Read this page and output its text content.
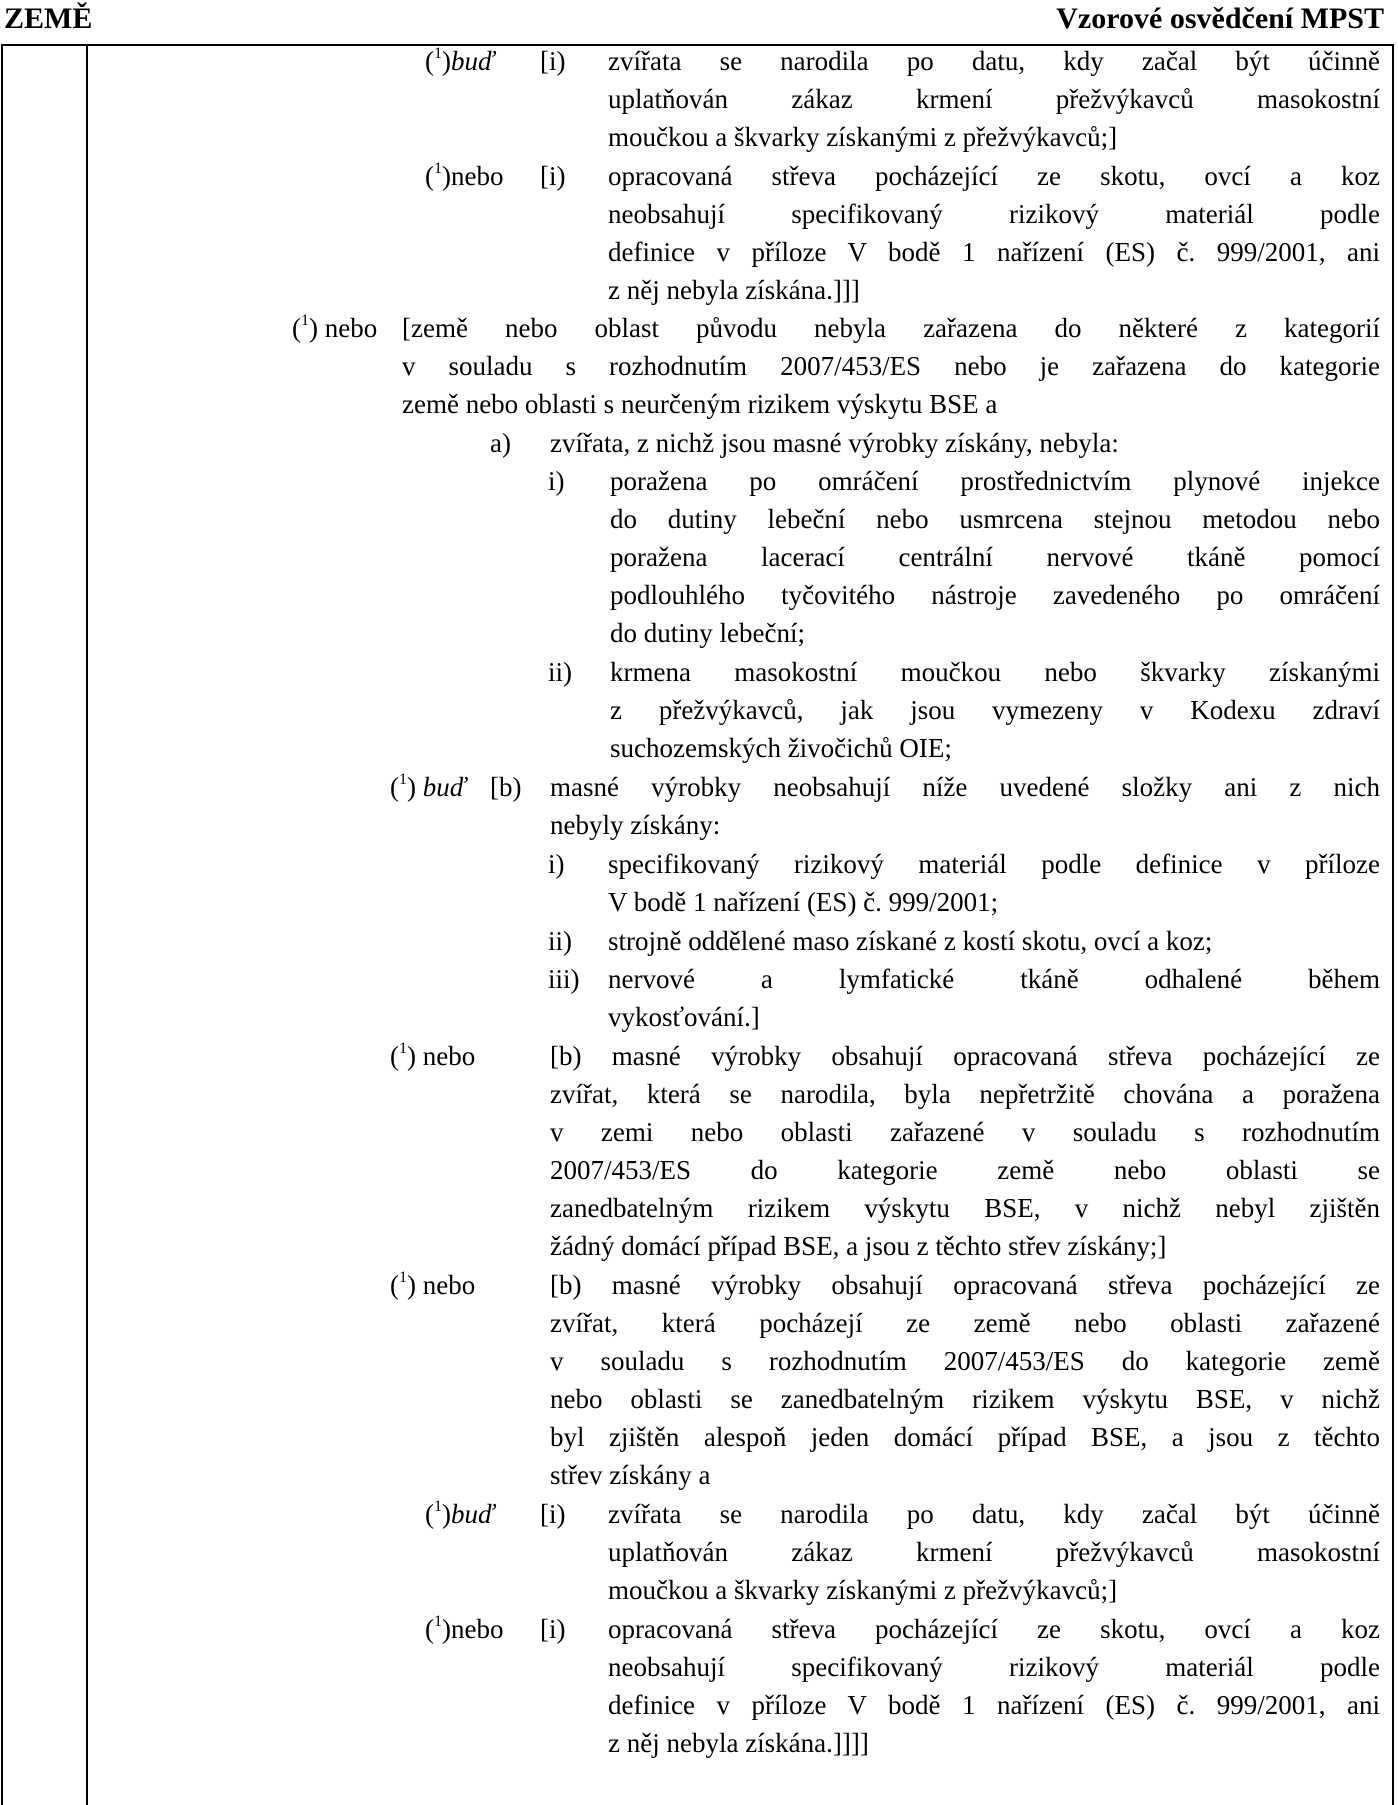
ZEMĚ	Vzorové osvědčení MPST
($^1$)buď [i) zvířata se narodila po datu, kdy začal být účinně
uplatňován zákaz krmení přežvýkavců masokostní
moučkou a škvarky získanými z přežvýkavců;]
($^1$)nebo [i) opracovaná střeva pocházející ze skotu, ovcí a koz
neobsahují specifikovaný rizikový materiál podle
definice v příloze V bodě 1 nařízení (ES) č. 999/2001, ani
z něj nebyla získána.]]]
($^1$) nebo [země nebo oblast původu nebyla zařazena do některé z kategorií
v souladu s rozhodnutím 2007/453/ES nebo je zařazena do kategorie
země nebo oblasti s neurčeným rizikem výskytu BSE a
a) zvířata, z nichž jsou masné výrobky získány, nebyla:
i) poražena po omráčení prostřednictvím plynové injekce
do dutiny lebeční nebo usmrcena stejnou metodou nebo
poražena lacerací centrální nervové tkáně pomocí
podlouhlého tyčovitého nástroje zavedeného po omráčení
do dutiny lebeční;
ii) krmena masokostní moučkou nebo škvarky získanými
z přežvýkavců, jak jsou vymezeny v Kodexu zdraví
suchozemských živočichů OIE;
($^1$) buď [b) masné výrobky neobsahují níže uvedené složky ani z nich
nebyly získány:
i) specifikovaný rizikový materiál podle definice v příloze
V bodě 1 nařízení (ES) č. 999/2001;
ii) strojně oddělené maso získané z kostí skotu, ovcí a koz;
iii) nervové a lymfatické tkáně odhalené během
vykosťování.]
($^1$) nebo	[b) masné výrobky obsahují opracovaná střeva pocházející ze
zvířat, která se narodila, byla nepřetržitě chována a poražena
v zemi nebo oblasti zařazené v souladu s rozhodnutím
2007/453/ES do kategorie země nebo oblasti se
zanedbatelným rizikem výskytu BSE, v nichž nebyl zjištěn
žádný domácí případ BSE, a jsou z těchto střev získány;]
($^1$) nebo	[b) masné výrobky obsahují opracovaná střeva pocházející ze
zvířat, která pocházejí ze země nebo oblasti zařazené
v souladu s rozhodnutím 2007/453/ES do kategorie země
nebo oblasti se zanedbatelným rizikem výskytu BSE, v nichž
byl zjištěn alespoň jeden domácí případ BSE, a jsou z těchto
střev získány a
($^1$)buď [i) zvířata se narodila po datu, kdy začal být účinně
uplatňován zákaz krmení přežvýkavců masokostní
moučkou a škvarky získanými z přežvýkavců;]
($^1$)nebo [i) opracovaná střeva pocházející ze skotu, ovcí a koz
neobsahují specifikovaný rizikový materiál podle
definice v příloze V bodě 1 nařízení (ES) č. 999/2001, ani
z něj nebyla získána.]]]]
